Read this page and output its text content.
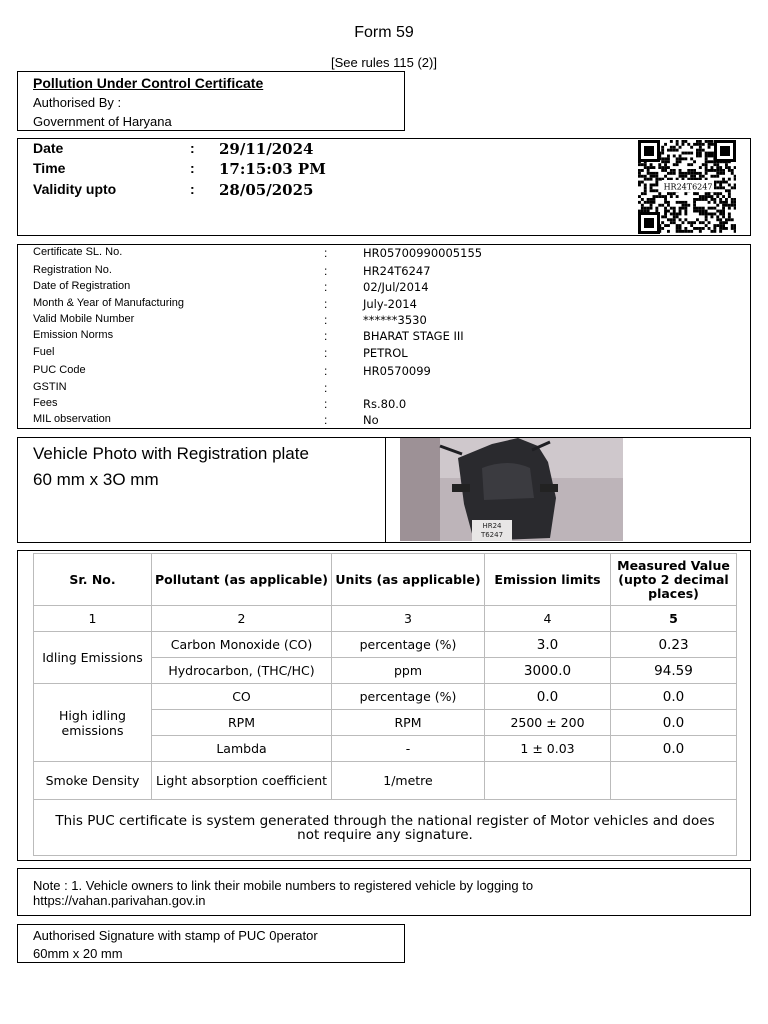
Form 59
[See rules 115 (2)]
Pollution Under Control Certificate
Authorised By :
Government of Haryana
Date	: 29/11/2024
Time	: 17:15:03 PM
Validity upto	: 28/05/2025	HR24T6247
Certificate SL. No.	:	HR05700990005155
Registration No.	:	HR24T6247
Date of Registration	:	02/Jul/2014
Month & Year of Manufacturing	:	July-2014
Valid Mobile Number	:	******3530
Emission Norms	:	BHARAT STAGE III
Fuel	:	PETROL
PUC Code	:	HR0570099
GSTIN	:
Fees	:	Rs.80.0
MIL observation	:	No
Vehicle Photo with Registration plate
60 mm x 3O mm
HR24
T6247
Sr. No.	Pollutant (as applicable)	Units (as applicable)	Emission limits	Measured Value (upto 2 decimal places)
1	2	3	4	5
Idling Emissions	Carbon Monoxide (CO)	percentage (%)	3.0	0.23
	Hydrocarbon, (THC/HC)	ppm	3000.0	94.59
High idling emissions	CO	percentage (%)	0.0	0.0
	RPM	RPM	2500 ± 200	0.0
	Lambda	-	1 ± 0.03	0.0
Smoke Density	Light absorption coefficient	1/metre		
This PUC certificate is system generated through the national register of Motor vehicles and does not require any signature.				
Note : 1. Vehicle owners to link their mobile numbers to registered vehicle by logging to
https://vahan.parivahan.gov.in
Authorised Signature with stamp of PUC 0perator
60mm x 20 mm
